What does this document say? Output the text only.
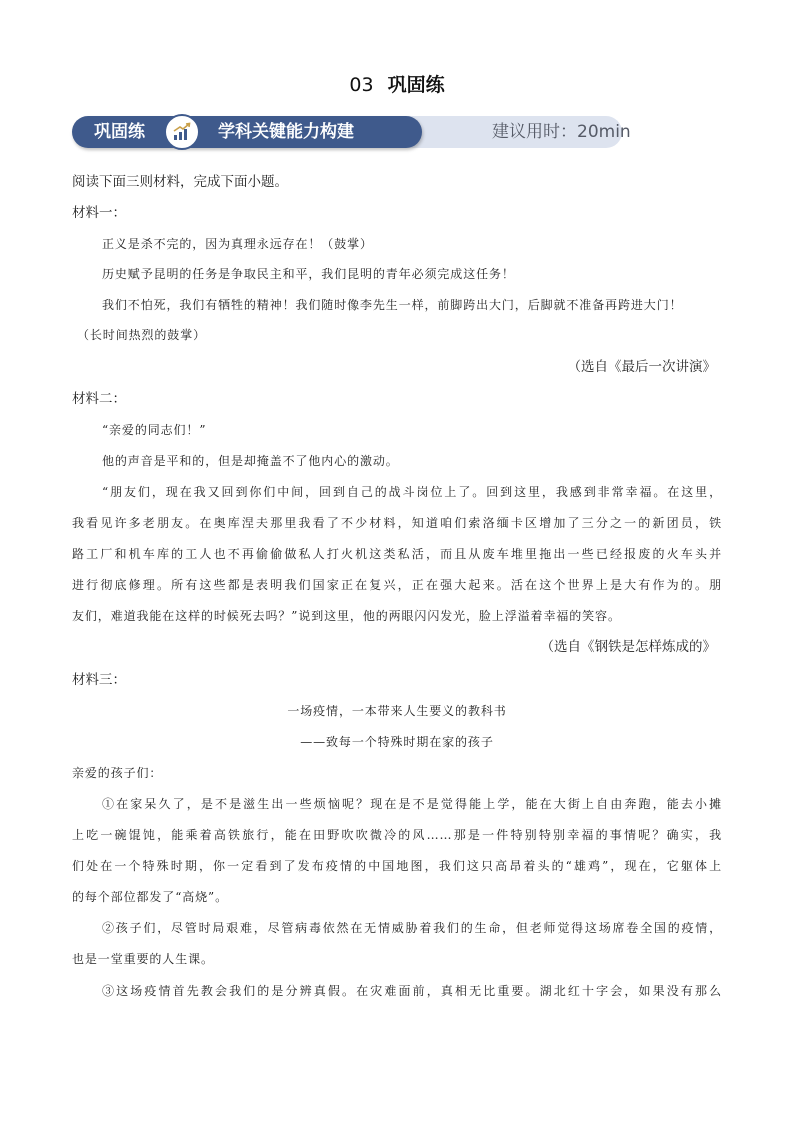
03 巩固练
建议用时：20min
巩固练	学科关键能力构建
阅读下面三则材料，完成下面小题。
材料一：
正义是杀不完的，因为真理永远存在！（鼓掌）
历史赋予昆明的任务是争取民主和平，我们昆明的青年必须完成这任务！
我们不怕死，我们有牺牲的精神！我们随时像李先生一样，前脚跨出大门，后脚就不准备再跨进大门！
（长时间热烈的鼓掌）
（选自《最后一次讲演》
材料二：
“亲爱的同志们！”
他的声音是平和的，但是却掩盖不了他内心的激动。
“朋友们，现在我又回到你们中间，回到自己的战斗岗位上了。回到这里，我感到非常幸福。在这里，
我看见许多老朋友。在奥库涅夫那里我看了不少材料，知道咱们索洛缅卡区增加了三分之一的新团员，铁
路工厂和机车库的工人也不再偷偷做私人打火机这类私活，而且从废车堆里拖出一些已经报废的火车头并
进行彻底修理。所有这些都是表明我们国家正在复兴，正在强大起来。活在这个世界上是大有作为的。朋
友们，难道我能在这样的时候死去吗？”说到这里，他的两眼闪闪发光，脸上浮溢着幸福的笑容。
（选自《钢铁是怎样炼成的》
材料三：
一场疫情，一本带来人生要义的教科书
——致每一个特殊时期在家的孩子
亲爱的孩子们：
①在家呆久了，是不是滋生出一些烦恼呢？现在是不是觉得能上学，能在大街上自由奔跑，能去小摊
上吃一碗馄饨，能乘着高铁旅行，能在田野吹吹微冷的风……那是一件特别特别幸福的事情呢？确实，我
们处在一个特殊时期，你一定看到了发布疫情的中国地图，我们这只高昂着头的“雄鸡”，现在，它躯体上
的每个部位都发了“高烧”。
②孩子们，尽管时局艰难，尽管病毒依然在无情威胁着我们的生命，但老师觉得这场席卷全国的疫情，
也是一堂重要的人生课。
③这场疫情首先教会我们的是分辨真假。在灾难面前，真相无比重要。湖北红十字会，如果没有那么
